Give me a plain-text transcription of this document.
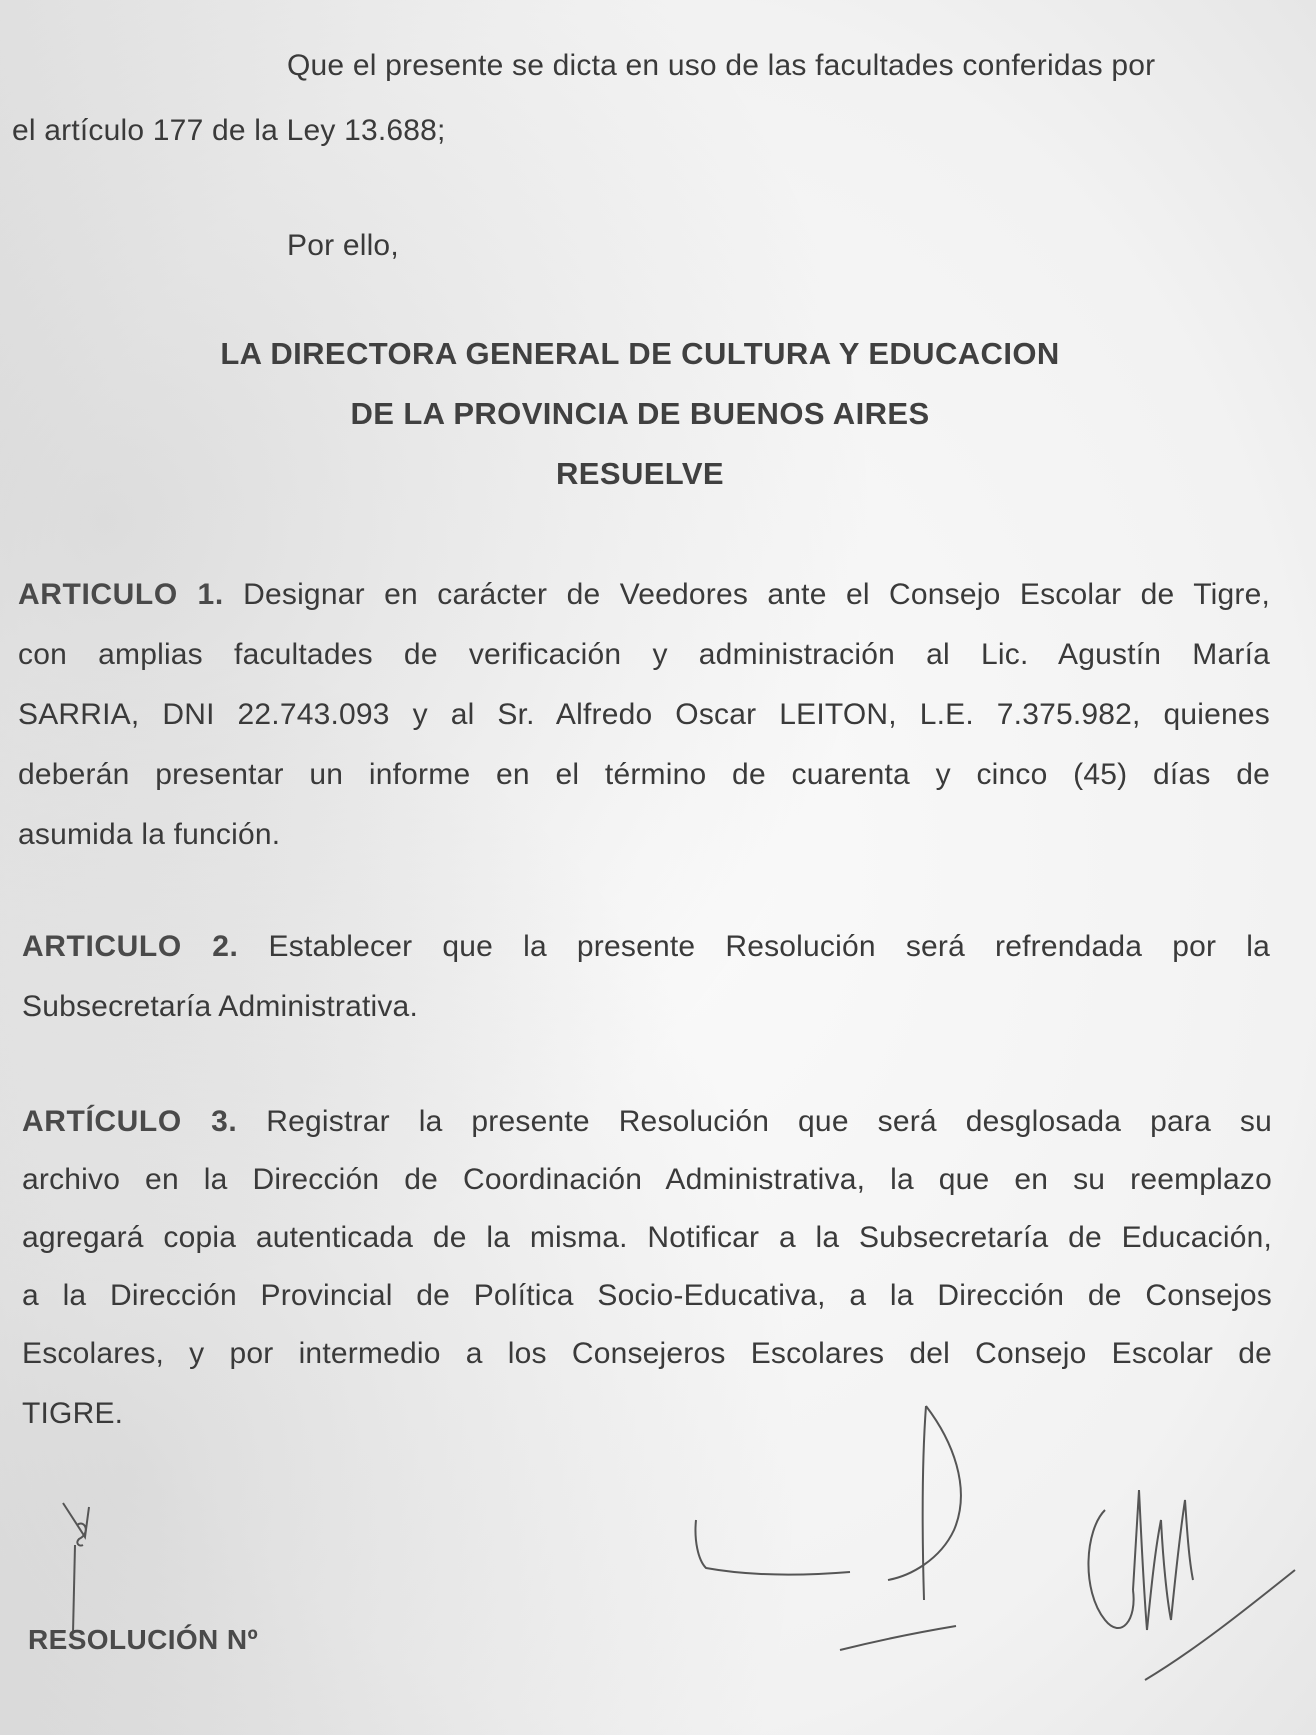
Que el presente se dicta en uso de las facultades conferidas por
el artículo 177 de la Ley 13.688;
Por ello,
LA DIRECTORA GENERAL DE CULTURA Y EDUCACION
DE LA PROVINCIA DE BUENOS AIRES
RESUELVE
ARTICULO 1. Designar en carácter de Veedores ante el Consejo Escolar de Tigre,
con amplias facultades de verificación y administración al Lic. Agustín María
SARRIA, DNI 22.743.093 y al Sr. Alfredo Oscar LEITON, L.E. 7.375.982, quienes
deberán presentar un informe en el término de cuarenta y cinco (45) días de
asumida la función.
ARTICULO 2. Establecer que la presente Resolución será refrendada por la
Subsecretaría Administrativa.
ARTÍCULO 3. Registrar la presente Resolución que será desglosada para su
archivo en la Dirección de Coordinación Administrativa, la que en su reemplazo
agregará copia autenticada de la misma. Notificar a la Subsecretaría de Educación,
a la Dirección Provincial de Política Socio-Educativa, a la Dirección de Consejos
Escolares, y por intermedio a los Consejeros Escolares del Consejo Escolar de
TIGRE.
RESOLUCIÓN Nº
